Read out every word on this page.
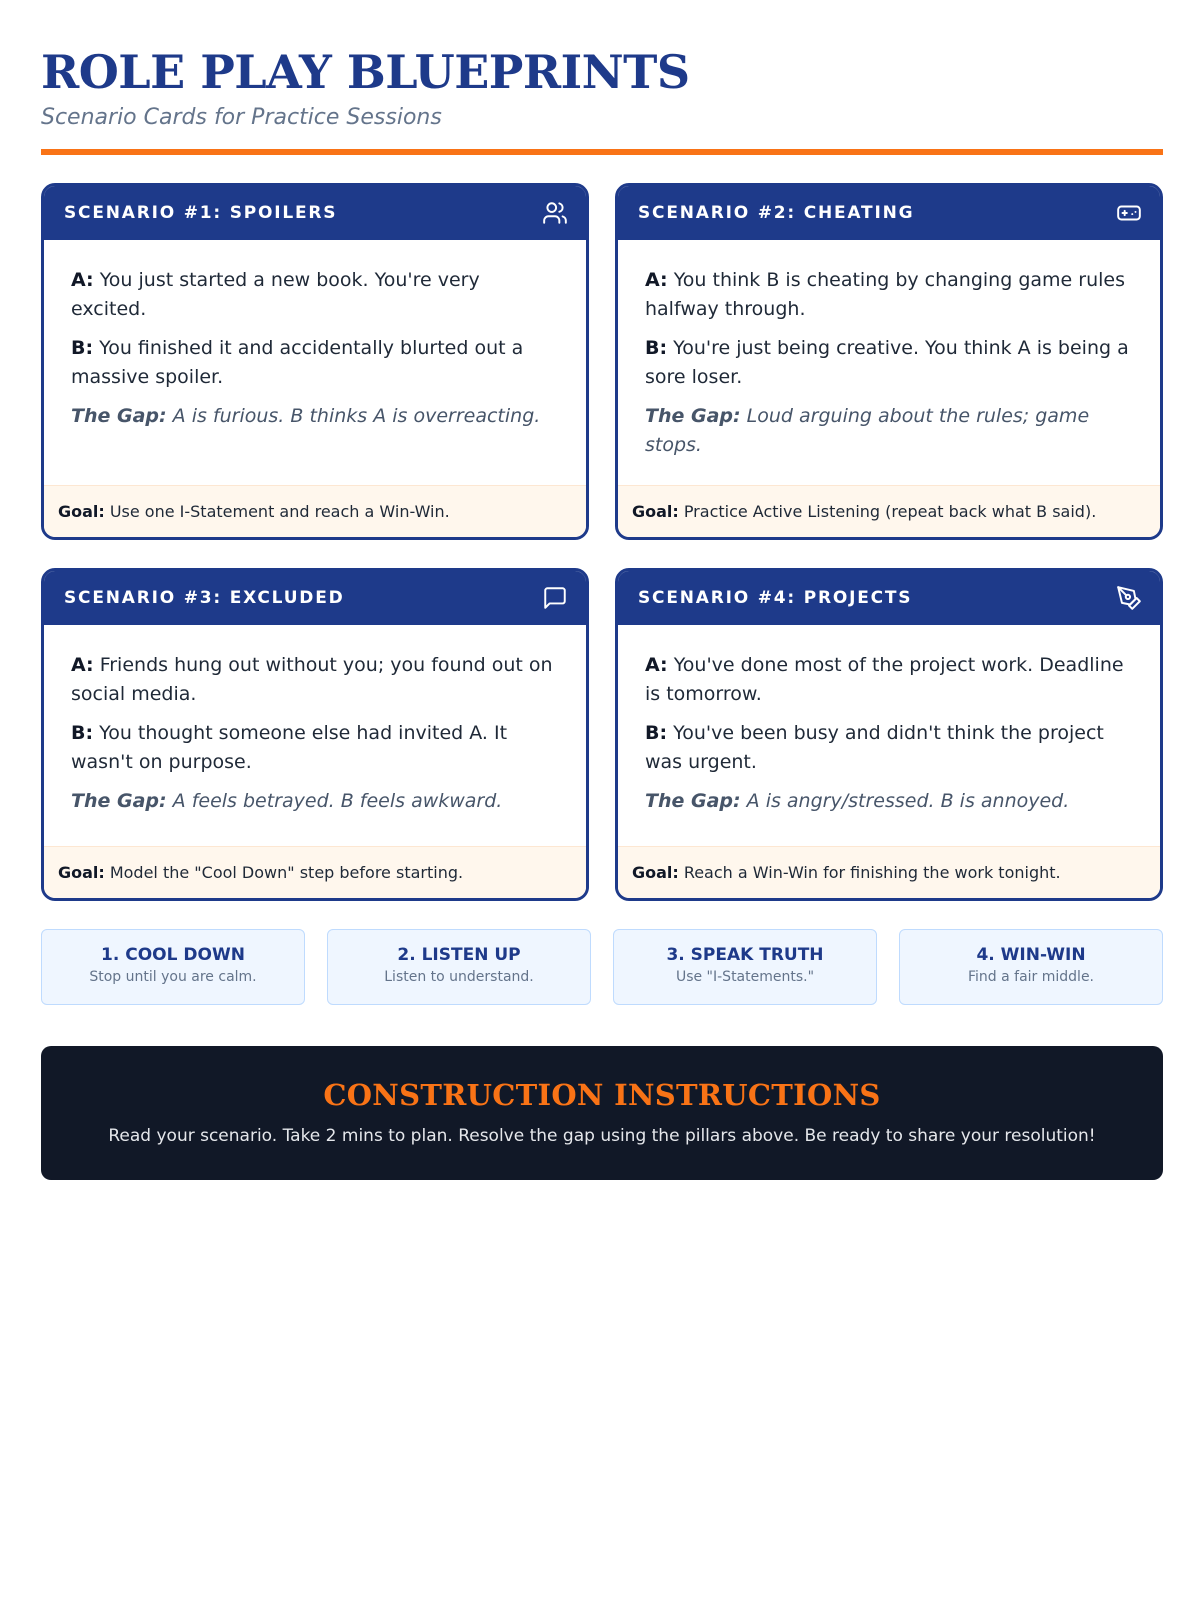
ROLE PLAY BLUEPRINTS
Scenario Cards for Practice Sessions
SCENARIO #1: SPOILERS

A: You just started a new book. You're very excited.

B: You finished it and accidentally blurted out a massive spoiler.

The Gap: A is furious. B thinks A is overreacting.

Goal: Use one I-Statement and reach a Win-Win.
SCENARIO #2: CHEATING

A: You think B is cheating by changing game rules halfway through.

B: You're just being creative. You think A is being a sore loser.

The Gap: Loud arguing about the rules; game stops.

Goal: Practice Active Listening (repeat back what B said).
SCENARIO #3: EXCLUDED

A: Friends hung out without you; you found out on social media.

B: You thought someone else had invited A. It wasn't on purpose.

The Gap: A feels betrayed. B feels awkward.

Goal: Model the "Cool Down" step before starting.
SCENARIO #4: PROJECTS

A: You've done most of the project work. Deadline is tomorrow.

B: You've been busy and didn't think the project was urgent.

The Gap: A is angry/stressed. B is annoyed.

Goal: Reach a Win-Win for finishing the work tonight.
1. COOL DOWN
Stop until you are calm.
2. LISTEN UP
Listen to understand.
3. SPEAK TRUTH
Use "I-Statements."
4. WIN-WIN
Find a fair middle.
CONSTRUCTION INSTRUCTIONS
Read your scenario. Take 2 mins to plan. Resolve the gap using the pillars above. Be ready to share your resolution!
